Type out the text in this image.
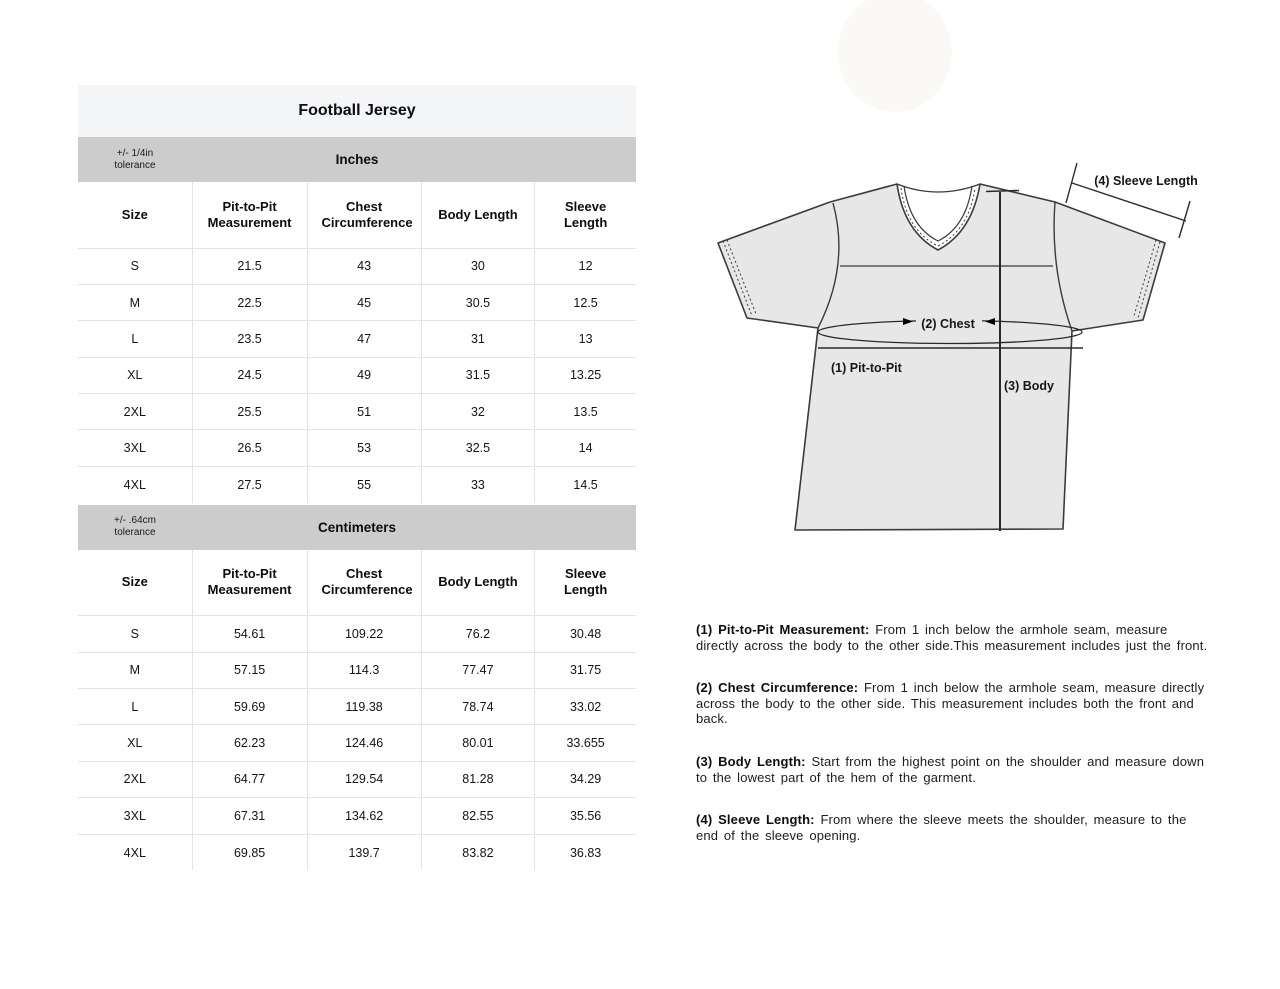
Football Jersey
+/- 1/4in
tolerance	Inches
Size	Pit-to-Pit Measurement	Chest Circumference	Body Length	Sleeve Length
S	21.5	43	30	12
M	22.5	45	30.5	12.5
L	23.5	47	31	13
XL	24.5	49	31.5	13.25
2XL	25.5	51	32	13.5
3XL	26.5	53	32.5	14
4XL	27.5	55	33	14.5
+/- .64cm
tolerance	Centimeters
Size	Pit-to-Pit Measurement	Chest Circumference	Body Length	Sleeve Length
S	54.61	109.22	76.2	30.48
M	57.15	114.3	77.47	31.75
L	59.69	119.38	78.74	33.02
XL	62.23	124.46	80.01	33.655
2XL	64.77	129.54	81.28	34.29
3XL	67.31	134.62	82.55	35.56
4XL	69.85	139.7	83.82	36.83
(1) Pit-to-Pit
(2) Chest
(3) Body
(4) Sleeve Length

(1) Pit-to-Pit Measurement: From 1 inch below the armhole seam, measure directly across the body to the other side.This measurement includes just the front.

(2) Chest Circumference: From 1 inch below the armhole seam, measure directly across the body to the other side. This measurement includes both the front and back.

(3) Body Length: Start from the highest point on the shoulder and measure down to the lowest part of the hem of the garment.

(4) Sleeve Length: From where the sleeve meets the shoulder, measure to the end of the sleeve opening.
